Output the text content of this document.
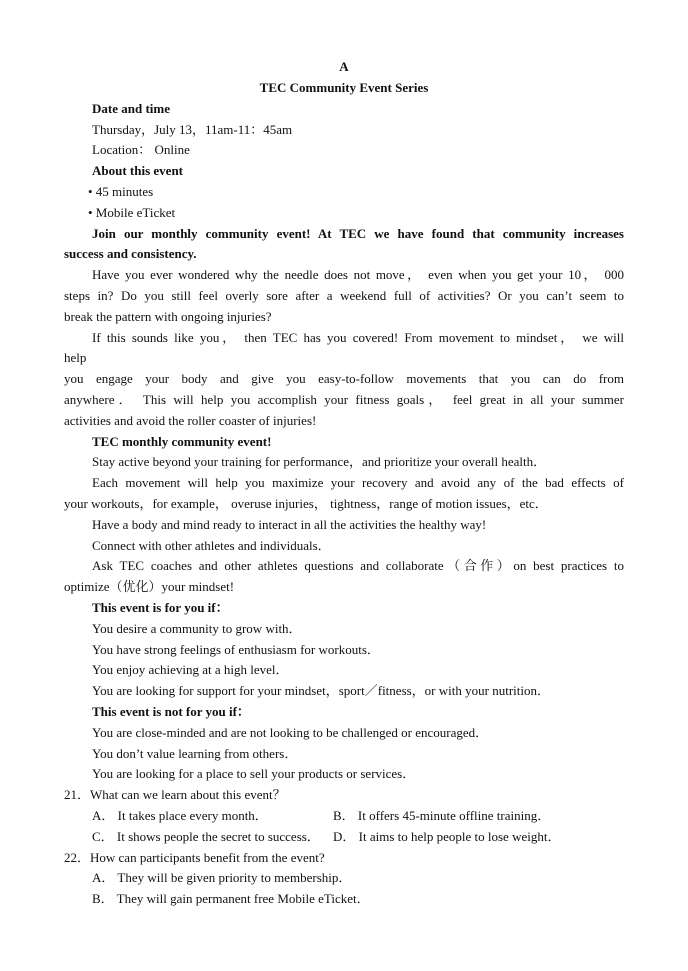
A
TEC Community Event Series
Date and time
Thursday，July 13，11am-11：45am
Location： Online
About this event
• 45 minutes
• Mobile eTicket
Join our monthly community event! At TEC we have found that community increases
success and consistency.
Have you ever wondered why the needle does not move， even when you get your 10， 000
steps in? Do you still feel overly sore after a weekend full of activities? Or you can’t seem to
break the pattern with ongoing injuries?
If this sounds like you， then TEC has you covered! From movement to mindset， we will
help
you engage your body and give you easy-to-follow movements that you can do from
anywhere． This will help you accomplish your fitness goals， feel great in all your summer
activities and avoid the roller coaster of injuries!
TEC monthly community event!
Stay active beyond your training for performance，and prioritize your overall health．
Each movement will help you maximize your recovery and avoid any of the bad effects of
your workouts，for example， overuse injuries， tightness，range of motion issues，etc．
Have a body and mind ready to interact in all the activities the healthy way!
Connect with other athletes and individuals．
Ask TEC coaches and other athletes questions and collaborate（合作）on best practices to
optimize（优化）your mindset!
This event is for you if：
You desire a community to grow with．
You have strong feelings of enthusiasm for workouts．
You enjoy achieving at a high level．
You are looking for support for your mindset，sport／fitness，or with your nutrition．
This event is not for you if：
You are close-minded and are not looking to be challenged or encouraged．
You don’t value learning from others．
You are looking for a place to sell your products or services．
21．What can we learn about this event？
A． It takes place every month．	B． It offers 45-minute offline training．
C． It shows people the secret to success．	D． It aims to help people to lose weight．
22．How can participants benefit from the event?
A． They will be given priority to membership．
B． They will gain permanent free Mobile eTicket．
